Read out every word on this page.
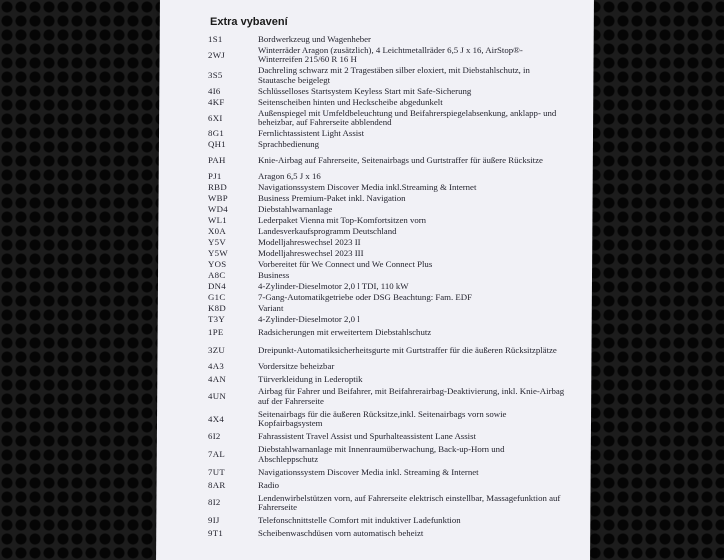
Extra vybavení
1S1	Bordwerkzeug und Wagenheber
2WJ	Winterräder Aragon (zusätzlich), 4 Leichtmetallräder 6,5 J x 16, AirStop®-Winterreifen 215/60 R 16 H
3S5	Dachreling schwarz mit 2 Tragestäben silber eloxiert, mit Diebstahlschutz, in Stautasche beigelegt
4I6	Schlüsselloses Startsystem Keyless Start mit Safe-Sicherung
4KF	Seitenscheiben hinten und Heckscheibe abgedunkelt
6XI	Außenspiegel mit Umfeldbeleuchtung und Beifahrerspiegelabsenkung, anklapp- und beheizbar, auf Fahrerseite abblendend
8G1	Fernlichtassistent Light Assist
QH1	Sprachbedienung
PAH	Knie-Airbag auf Fahrerseite, Seitenairbags und Gurtstraffer für äußere Rücksitze
PJ1	Aragon 6,5 J x 16
RBD	Navigationssystem Discover Media inkl.Streaming & Internet
WBP	Business Premium-Paket inkl. Navigation
WD4	Diebstahlwarnanlage
WL1	Lederpaket Vienna mit Top-Komfortsitzen vorn
X0A	Landesverkaufsprogramm Deutschland
Y5V	Modelljahreswechsel 2023 II
Y5W	Modelljahreswechsel 2023 III
YOS	Vorbereitet für We Connect und We Connect Plus
A8C	Business
DN4	4-Zylinder-Dieselmotor 2,0 l TDI, 110 kW
G1C	7-Gang-Automatikgetriebe oder DSG Beachtung: Fam. EDF
K8D	Variant
T3Y	4-Zylinder-Dieselmotor 2,0 l
1PE	Radsicherungen mit erweitertem Diebstahlschutz
3ZU	Dreipunkt-Automatiksicherheitsgurte mit Gurtstraffer für die äußeren Rücksitzplätze
4A3	Vordersitze beheizbar
4AN	Türverkleidung in Lederoptik
4UN	Airbag für Fahrer und Beifahrer, mit Beifahrerairbag-Deaktivierung, inkl. Knie-Airbag auf der Fahrerseite
4X4	Seitenairbags für die äußeren Rücksitze,inkl. Seitenairbags vorn sowie Kopfairbagsystem
6I2	Fahrassistent Travel Assist und Spurhalteassistent Lane Assist
7AL	Diebstahlwarnanlage mit Innenraumüberwachung, Back-up-Horn und Abschleppschutz
7UT	Navigationssystem Discover Media inkl. Streaming & Internet
8AR	Radio
8I2	Lendenwirbelstützen vorn, auf Fahrerseite elektrisch einstellbar, Massagefunktion auf Fahrerseite
9IJ	Telefonschnittstelle Comfort mit induktiver Ladefunktion
9T1	Scheibenwaschdüsen vorn automatisch beheizt
